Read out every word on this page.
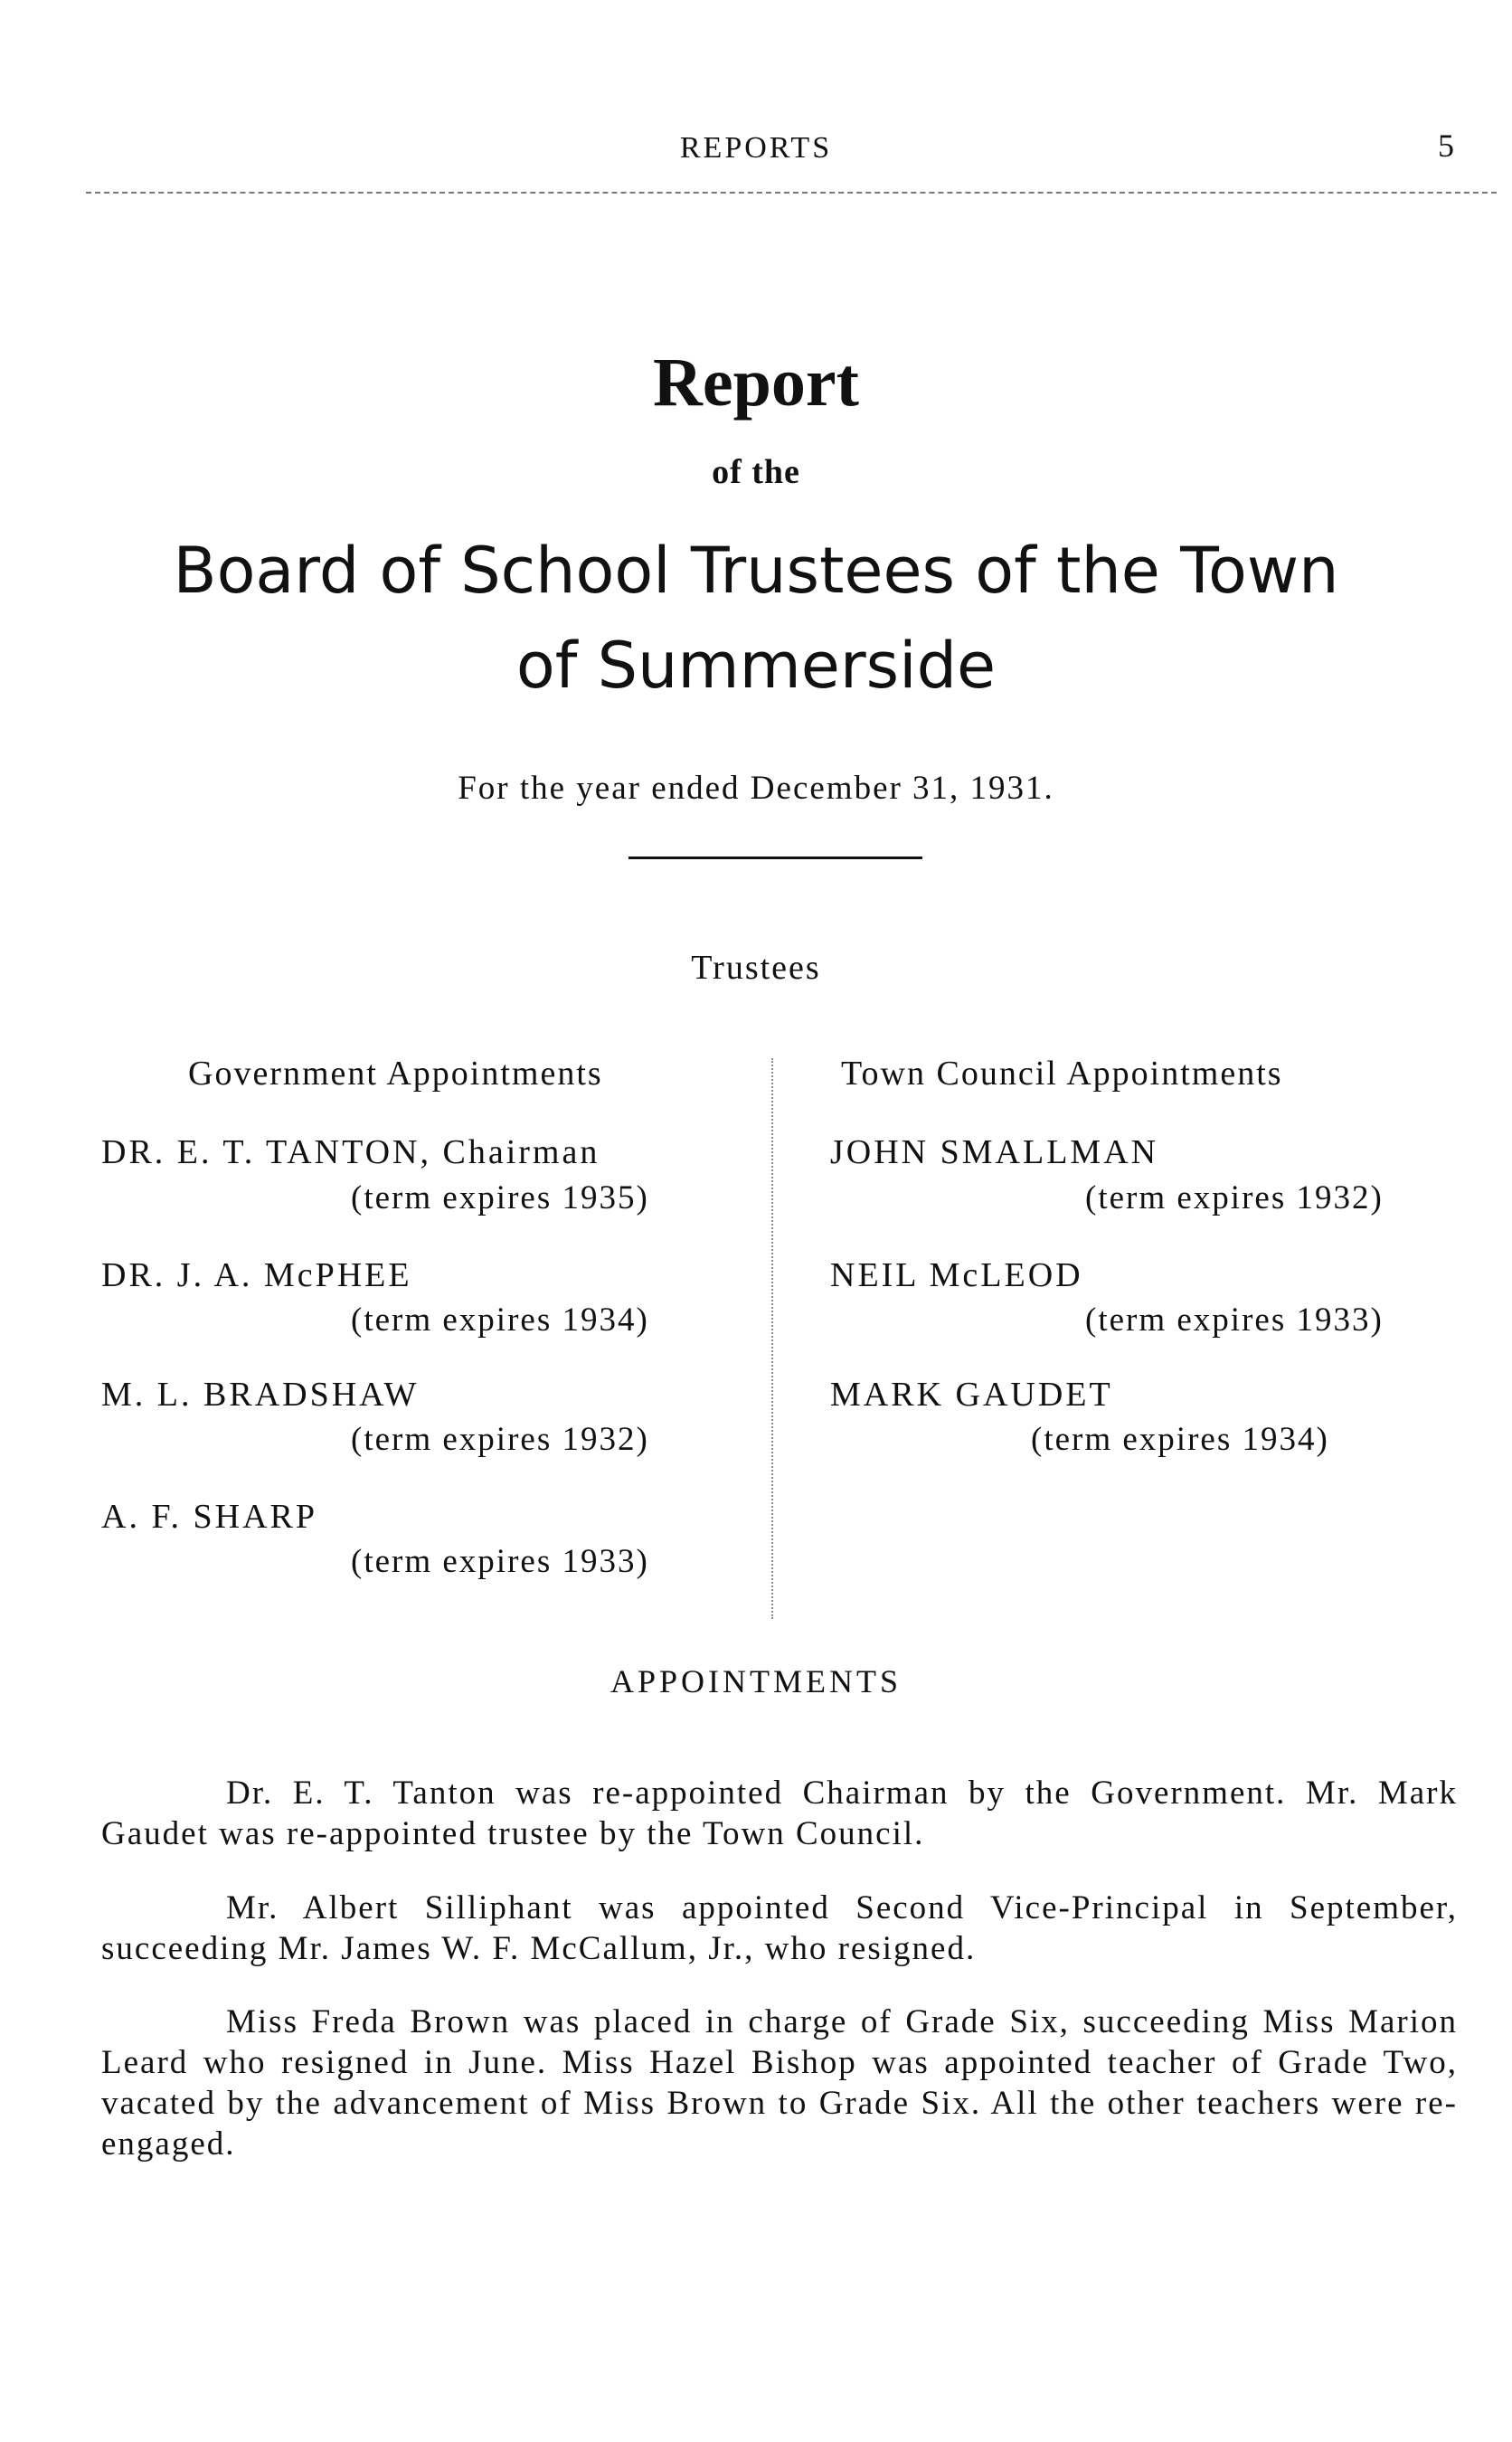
REPORTS	5
Report
of the
Board of School Trustees of the Town
of Summerside
For the year ended December 31, 1931.
Trustees
Government Appointments	Town Council Appointments
DR. E. T. TANTON, Chairman
(term expires 1935)
DR. J. A. McPHEE
(term expires 1934)
M. L. BRADSHAW
(term expires 1932)
A. F. SHARP
(term expires 1933)
JOHN SMALLMAN
(term expires 1932)
NEIL McLEOD
(term expires 1933)
MARK GAUDET
(term expires 1934)
APPOINTMENTS
Dr. E. T. Tanton was re-appointed Chairman by the Government. Mr. Mark Gaudet was re-appointed trustee by the Town Council.
Mr. Albert Silliphant was appointed Second Vice-Principal in September, succeeding Mr. James W. F. McCallum, Jr., who resigned.
Miss Freda Brown was placed in charge of Grade Six, succeeding Miss Marion Leard who resigned in June. Miss Hazel Bishop was appointed teacher of Grade Two, vacated by the advancement of Miss Brown to Grade Six. All the other teachers were re-engaged.
